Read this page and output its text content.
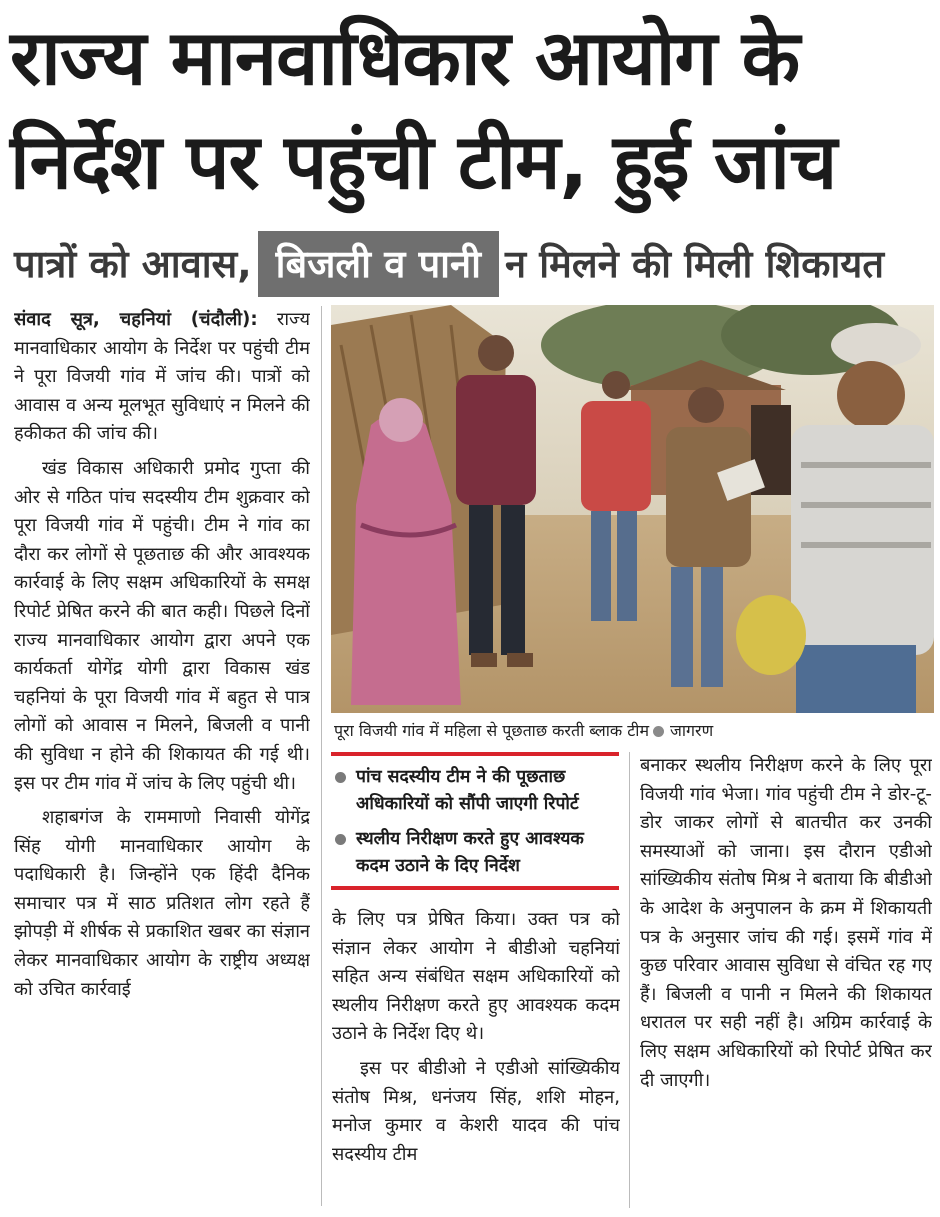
राज्य मानवाधिकार आयोग के
निर्देश पर पहुंची टीम, हुई जांच
पात्रों को आवास, बिजली व पानी न मिलने की मिली शिकायत

संवाद सूत्र, चहनियां (चंदौली): राज्य मानवाधिकार आयोग के निर्देश पर पहुंची टीम ने पूरा विजयी गांव में जांच की। पात्रों को आवास व अन्य मूलभूत सुविधाएं न मिलने की हकीकत की जांच की।

खंड विकास अधिकारी प्रमोद गुप्ता की ओर से गठित पांच सदस्यीय टीम शुक्रवार को पूरा विजयी गांव में पहुंची। टीम ने गांव का दौरा कर लोगों से पूछताछ की और आवश्यक कार्रवाई के लिए सक्षम अधिकारियों के समक्ष रिपोर्ट प्रेषित करने की बात कही। पिछले दिनों राज्य मानवाधिकार आयोग द्वारा अपने एक कार्यकर्ता योगेंद्र योगी द्वारा विकास खंड चहनियां के पूरा विजयी गांव में बहुत से पात्र लोगों को आवास न मिलने, बिजली व पानी की सुविधा न होने की शिकायत की गई थी। इस पर टीम गांव में जांच के लिए पहुंची थी।

शहाबगंज के राममाणो निवासी योगेंद्र सिंह योगी मानवाधिकार आयोग के पदाधिकारी है। जिन्होंने एक हिंदी दैनिक समाचार पत्र में साठ प्रतिशत लोग रहते हैं झोपड़ी में शीर्षक से प्रकाशित खबर का संज्ञान लेकर मानवाधिकार आयोग के राष्ट्रीय अध्यक्ष को उचित कार्रवाई

पूरा विजयी गांव में महिला से पूछताछ करती ब्लाक टीम जागरण
पांच सदस्यीय टीम ने की पूछताछ अधिकारियों को सौंपी जाएगी रिपोर्ट
स्थलीय निरीक्षण करते हुए आवश्यक कदम उठाने के दिए निर्देश

के लिए पत्र प्रेषित किया। उक्त पत्र को संज्ञान लेकर आयोग ने बीडीओ चहनियां सहित अन्य संबंधित सक्षम अधिकारियों को स्थलीय निरीक्षण करते हुए आवश्यक कदम उठाने के निर्देश दिए थे।

इस पर बीडीओ ने एडीओ सांख्यिकीय संतोष मिश्र, धनंजय सिंह, शशि मोहन, मनोज कुमार व केशरी यादव की पांच सदस्यीय टीम

बनाकर स्थलीय निरीक्षण करने के लिए पूरा विजयी गांव भेजा। गांव पहुंची टीम ने डोर-टू-डोर जाकर लोगों से बातचीत कर उनकी समस्याओं को जाना। इस दौरान एडीओ सांख्यिकीय संतोष मिश्र ने बताया कि बीडीओ के आदेश के अनुपालन के क्रम में शिकायती पत्र के अनुसार जांच की गई। इसमें गांव में कुछ परिवार आवास सुविधा से वंचित रह गए हैं। बिजली व पानी न मिलने की शिकायत धरातल पर सही नहीं है। अग्रिम कार्रवाई के लिए सक्षम अधिकारियों को रिपोर्ट प्रेषित कर दी जाएगी।
